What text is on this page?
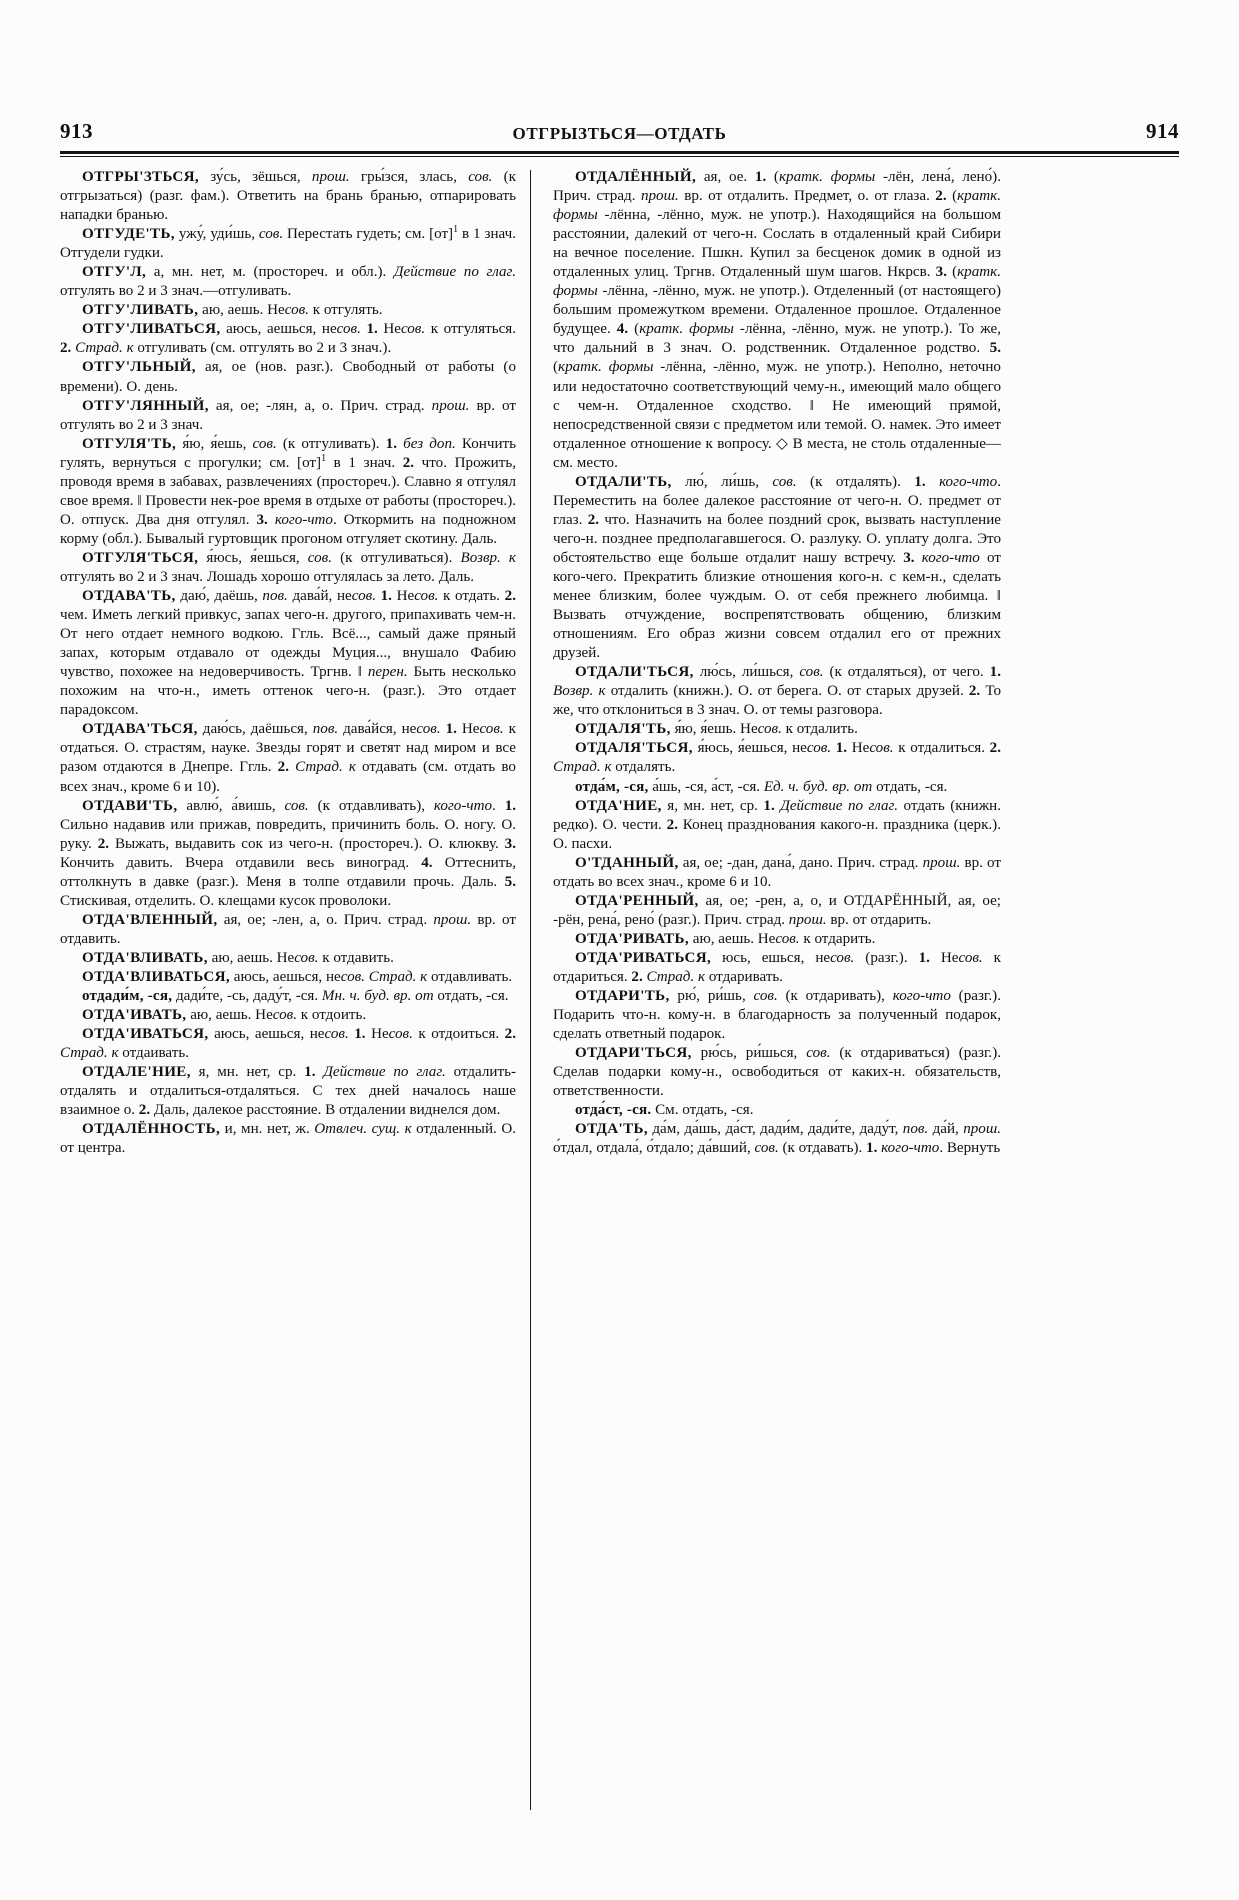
913	ОТГРЫЗТЬСЯ—ОТДАТЬ	914

ОТГРЫ'ЗТЬСЯ, зу́сь, зёшься, прош. гры́зся, злась, сов. (к отгрызаться) (разг. фам.). Ответить на брань бранью, отпарировать нападки бранью.

ОТГУДЕ'ТЬ, ужу́, уди́шь, сов. Перестать гудеть; см. [от]$^1$ в 1 знач. Отгудели гудки.

ОТГУ'Л, а, мн. нет, м. (простореч. и обл.). Действие по глаг. отгулять во 2 и 3 знач.—отгуливать.

ОТГУ'ЛИВАТЬ, аю, аешь. Несов. к отгулять.

ОТГУ'ЛИВАТЬСЯ, аюсь, аешься, несов. 1. Несов. к отгуляться. 2. Страд. к отгуливать (см. отгулять во 2 и 3 знач.).

ОТГУ'ЛЬНЫЙ, ая, ое (нов. разг.). Свободный от работы (о времени). О. день.

ОТГУ'ЛЯННЫЙ, ая, ое; -лян, а, о. Прич. страд. прош. вр. от отгулять во 2 и 3 знач.

ОТГУЛЯ'ТЬ, я́ю, я́ешь, сов. (к отгуливать). 1. без доп. Кончить гулять, вернуться с прогулки; см. [от]$^1$ в 1 знач. 2. что. Прожить, проводя время в забавах, развлечениях (простореч.). Славно я отгулял свое время. ‖ Провести нек-рое время в отдыхе от работы (простореч.). О. отпуск. Два дня отгулял. 3. кого-что. Откормить на подножном корму (обл.). Бывалый гуртовщик прогоном отгуляет скотину. Даль.

ОТГУЛЯ'ТЬСЯ, я́юсь, я́ешься, сов. (к отгуливаться). Возвр. к отгулять во 2 и 3 знач. Лошадь хорошо отгулялась за лето. Даль.

ОТДАВА'ТЬ, даю́, даёшь, пов. дава́й, несов. 1. Несов. к отдать. 2. чем. Иметь легкий привкус, запах чего-н. другого, припахивать чем-н. От него отдает немного водкою. Ггль. Всё..., самый даже пряный запах, которым отдавало от одежды Муция..., внушало Фабию чувство, похожее на недоверчивость. Тргнв. ‖ перен. Быть несколько похожим на что-н., иметь оттенок чего-н. (разг.). Это отдает парадоксом.

ОТДАВА'ТЬСЯ, даю́сь, даёшься, пов. дава́йся, несов. 1. Несов. к отдаться. О. страстям, науке. Звезды горят и светят над миром и все разом отдаются в Днепре. Ггль. 2. Страд. к отдавать (см. отдать во всех знач., кроме 6 и 10).

ОТДАВИ'ТЬ, авлю́, а́вишь, сов. (к отдавливать), кого-что. 1. Сильно надавив или прижав, повредить, причинить боль. О. ногу. О. руку. 2. Выжать, выдавить сок из чего-н. (простореч.). О. клюкву. 3. Кончить давить. Вчера отдавили весь виноград. 4. Оттеснить, оттолкнуть в давке (разг.). Меня в толпе отдавили прочь. Даль. 5. Стискивая, отделить. О. клещами кусок проволоки.

ОТДА'ВЛЕННЫЙ, ая, ое; -лен, а, о. Прич. страд. прош. вр. от отдавить.

ОТДА'ВЛИВАТЬ, аю, аешь. Несов. к отдавить.

ОТДА'ВЛИВАТЬСЯ, аюсь, аешься, несов. Страд. к отдавливать.

отдади́м, -ся, дади́те, -сь, даду́т, -ся. Мн. ч. буд. вр. от отдать, -ся.

ОТДА'ИВАТЬ, аю, аешь. Несов. к отдоить.

ОТДА'ИВАТЬСЯ, аюсь, аешься, несов. 1. Несов. к отдоиться. 2. Страд. к отдаивать.

ОТДАЛЕ'НИЕ, я, мн. нет, ср. 1. Действие по глаг. отдалить-отдалять и отдалиться-отдаляться. С тех дней началось наше взаимное о. 2. Даль, далекое расстояние. В отдалении виднелся дом.

ОТДАЛЁННОСТЬ, и, мн. нет, ж. Отвлеч. сущ. к отдаленный. О. от центра.

ОТДАЛЁННЫЙ, ая, ое. 1. (кратк. формы -лён, лена́, лено́). Прич. страд. прош. вр. от отдалить. Предмет, о. от глаза. 2. (кратк. формы -лённа, -лённо, муж. не употр.). Находящийся на большом расстоянии, далекий от чего-н. Сослать в отдаленный край Сибири на вечное поселение. Пшкн. Купил за бесценок домик в одной из отдаленных улиц. Тргнв. Отдаленный шум шагов. Нкрсв. 3. (кратк. формы -лённа, -лённо, муж. не употр.). Отделенный (от настоящего) большим промежутком времени. Отдаленное прошлое. Отдаленное будущее. 4. (кратк. формы -лённа, -лённо, муж. не употр.). То же, что дальний в 3 знач. О. родственник. Отдаленное родство. 5. (кратк. формы -лённа, -лённо, муж. не употр.). Неполно, неточно или недостаточно соответствующий чему-н., имеющий мало общего с чем-н. Отдаленное сходство. ‖ Не имеющий прямой, непосредственной связи с предметом или темой. О. намек. Это имеет отдаленное отношение к вопросу. ◇ В места, не столь отдаленные—см. место.

ОТДАЛИ'ТЬ, лю́, ли́шь, сов. (к отдалять). 1. кого-что. Переместить на более далекое расстояние от чего-н. О. предмет от глаз. 2. что. Назначить на более поздний срок, вызвать наступление чего-н. позднее предполагавшегося. О. разлуку. О. уплату долга. Это обстоятельство еще больше отдалит нашу встречу. 3. кого-что от кого-чего. Прекратить близкие отношения кого-н. с кем-н., сделать менее близким, более чуждым. О. от себя прежнего любимца. ‖ Вызвать отчуждение, воспрепятствовать общению, близким отношениям. Его образ жизни совсем отдалил его от прежних друзей.

ОТДАЛИ'ТЬСЯ, лю́сь, ли́шься, сов. (к отдаляться), от чего. 1. Возвр. к отдалить (книжн.). О. от берега. О. от старых друзей. 2. То же, что отклониться в 3 знач. О. от темы разговора.

ОТДАЛЯ'ТЬ, я́ю, я́ешь. Несов. к отдалить.

ОТДАЛЯ'ТЬСЯ, я́юсь, я́ешься, несов. 1. Несов. к отдалиться. 2. Страд. к отдалять.

отда́м, -ся, а́шь, -ся, а́ст, -ся. Ед. ч. буд. вр. от отдать, -ся.

ОТДА'НИЕ, я, мн. нет, ср. 1. Действие по глаг. отдать (книжн. редко). О. чести. 2. Конец празднования какого-н. праздника (церк.). О. пасхи.

О'ТДАННЫЙ, ая, ое; -дан, дана́, дано. Прич. страд. прош. вр. от отдать во всех знач., кроме 6 и 10.

ОТДА'РЕННЫЙ, ая, ое; -рен, а, о, и ОТДАРЁННЫЙ, ая, ое; -рён, рена́, рено́ (разг.). Прич. страд. прош. вр. от отдарить.

ОТДА'РИВАТЬ, аю, аешь. Несов. к отдарить.

ОТДА'РИВАТЬСЯ, юсь, ешься, несов. (разг.). 1. Несов. к отдариться. 2. Страд. к отдаривать.

ОТДАРИ'ТЬ, рю́, ри́шь, сов. (к отдаривать), кого-что (разг.). Подарить что-н. кому-н. в благодарность за полученный подарок, сделать ответный подарок.

ОТДАРИ'ТЬСЯ, рю́сь, ри́шься, сов. (к отдариваться) (разг.). Сделав подарки кому-н., освободиться от каких-н. обязательств, ответственности.

отда́ст, -ся. См. отдать, -ся.

ОТДА'ТЬ, да́м, да́шь, да́ст, дади́м, дади́те, даду́т, пов. да́й, прош. о́тдал, отдала́, о́тдало; да́вший, сов. (к отдавать). 1. кого-что. Вернуть
